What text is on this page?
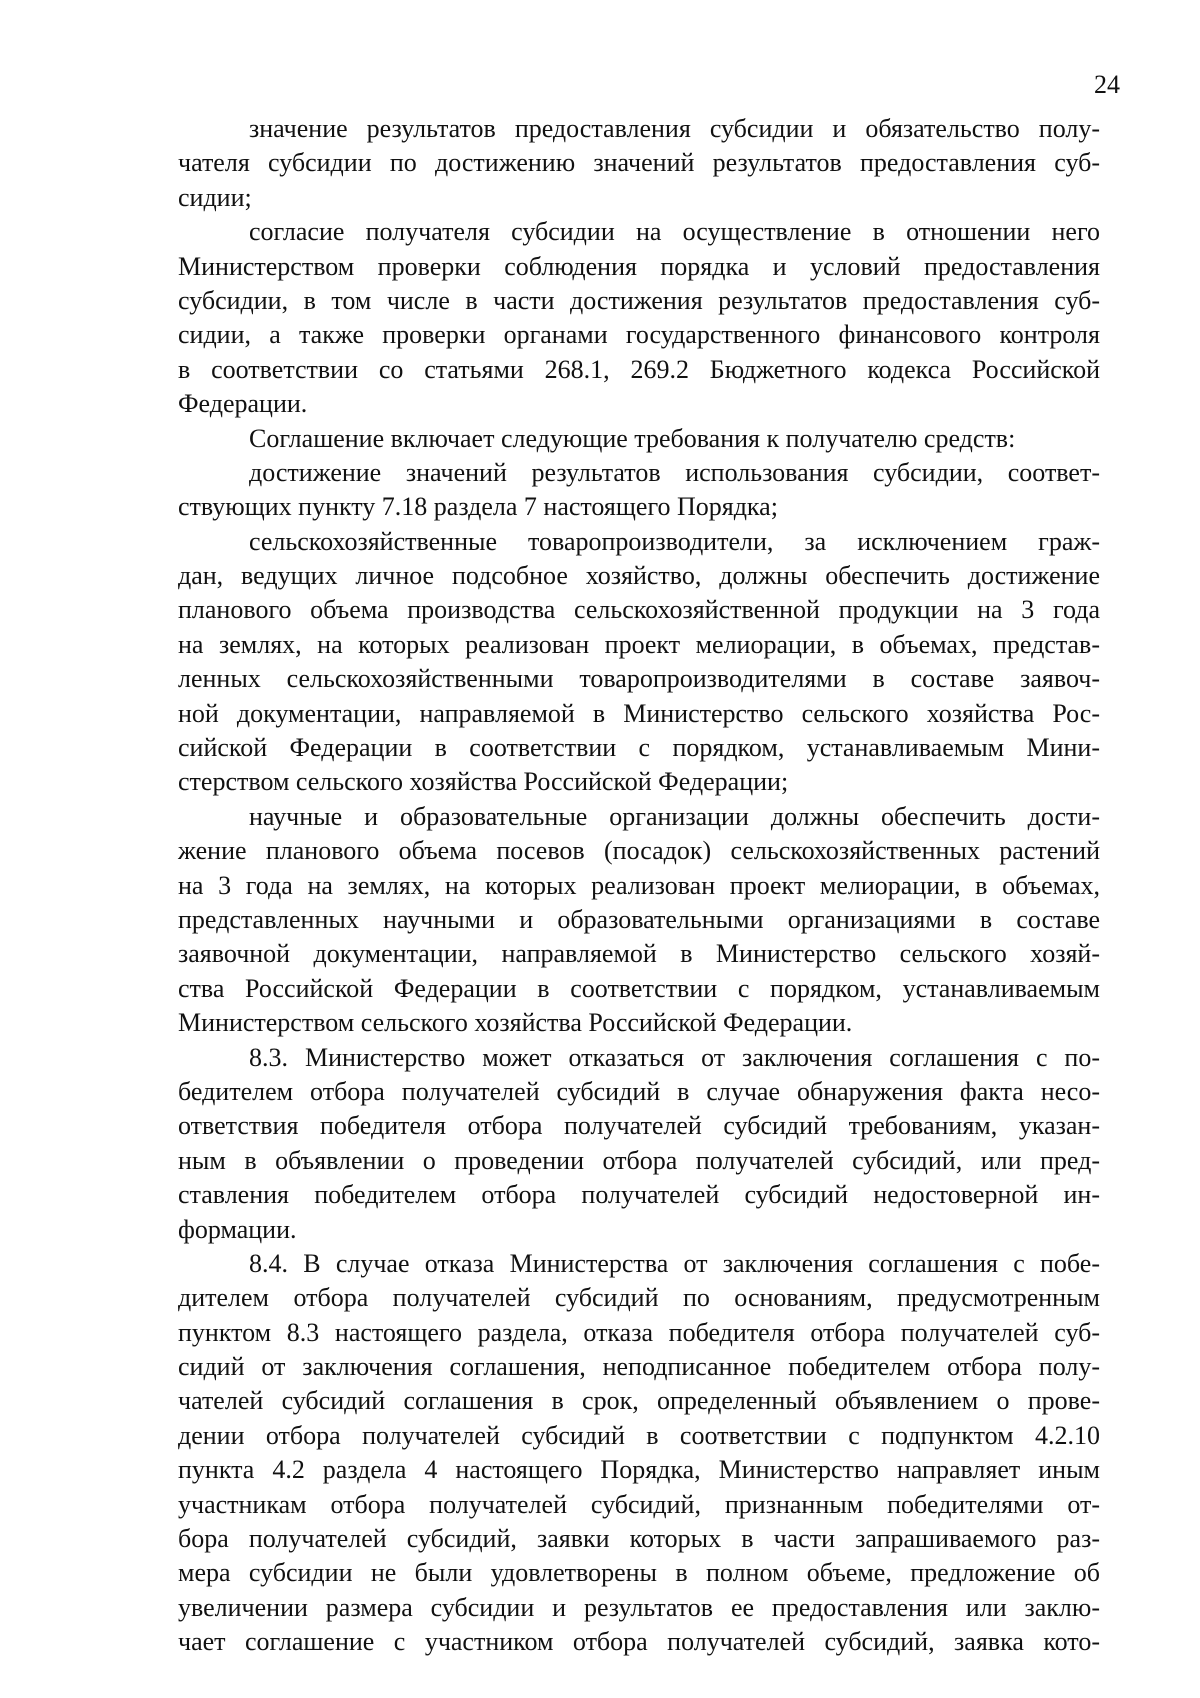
24
значение результатов предоставления субсидии и обязательство полу-
чателя субсидии по достижению значений результатов предоставления суб-
сидии;
согласие получателя субсидии на осуществление в отношении него
Министерством проверки соблюдения порядка и условий предоставления
субсидии, в том числе в части достижения результатов предоставления суб-
сидии, а также проверки органами государственного финансового контроля
в соответствии со статьями 268.1, 269.2 Бюджетного кодекса Российской
Федерации.
Соглашение включает следующие требования к получателю средств:
достижение значений результатов использования субсидии, соответ-
ствующих пункту 7.18 раздела 7 настоящего Порядка;
сельскохозяйственные товаропроизводители, за исключением граж-
дан, ведущих личное подсобное хозяйство, должны обеспечить достижение
планового объема производства сельскохозяйственной продукции на 3 года
на землях, на которых реализован проект мелиорации, в объемах, представ-
ленных сельскохозяйственными товаропроизводителями в составе заявоч-
ной документации, направляемой в Министерство сельского хозяйства Рос-
сийской Федерации в соответствии с порядком, устанавливаемым Мини-
стерством сельского хозяйства Российской Федерации;
научные и образовательные организации должны обеспечить дости-
жение планового объема посевов (посадок) сельскохозяйственных растений
на 3 года на землях, на которых реализован проект мелиорации, в объемах,
представленных научными и образовательными организациями в составе
заявочной документации, направляемой в Министерство сельского хозяй-
ства Российской Федерации в соответствии с порядком, устанавливаемым
Министерством сельского хозяйства Российской Федерации.
8.3. Министерство может отказаться от заключения соглашения с по-
бедителем отбора получателей субсидий в случае обнаружения факта несо-
ответствия победителя отбора получателей субсидий требованиям, указан-
ным в объявлении о проведении отбора получателей субсидий, или пред-
ставления победителем отбора получателей субсидий недостоверной ин-
формации.
8.4. В случае отказа Министерства от заключения соглашения с побе-
дителем отбора получателей субсидий по основаниям, предусмотренным
пунктом 8.3 настоящего раздела, отказа победителя отбора получателей суб-
сидий от заключения соглашения, неподписанное победителем отбора полу-
чателей субсидий соглашения в срок, определенный объявлением о прове-
дении отбора получателей субсидий в соответствии с подпунктом 4.2.10
пункта 4.2 раздела 4 настоящего Порядка, Министерство направляет иным
участникам отбора получателей субсидий, признанным победителями от-
бора получателей субсидий, заявки которых в части запрашиваемого раз-
мера субсидии не были удовлетворены в полном объеме, предложение об
увеличении размера субсидии и результатов ее предоставления или заклю-
чает соглашение с участником отбора получателей субсидий, заявка кото-
